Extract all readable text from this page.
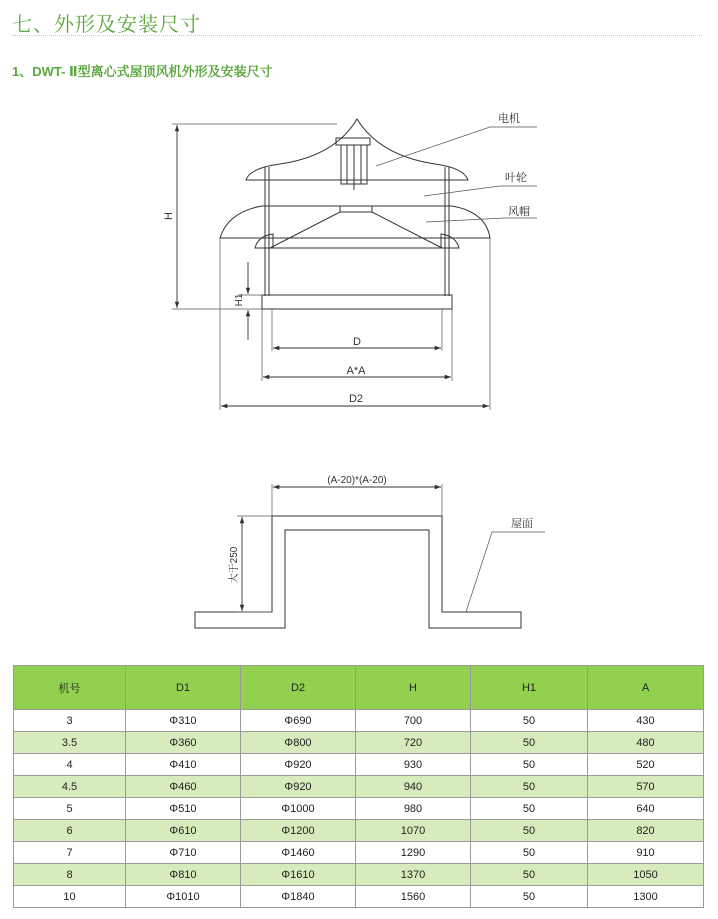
七、外形及安装尺寸
1、DWT- Ⅱ型离心式屋顶风机外形及安装尺寸
电机
叶轮
风帽
H
H1
D
A*A
D2
(A-20)*(A-20)
屋面
大于250
机号	D1	D2	H	H1	A
3	Φ310	Φ690	700	50	430
3.5	Φ360	Φ800	720	50	480
4	Φ410	Φ920	930	50	520
4.5	Φ460	Φ920	940	50	570
5	Φ510	Φ1000	980	50	640
6	Φ610	Φ1200	1070	50	820
7	Φ710	Φ1460	1290	50	910
8	Φ810	Φ1610	1370	50	1050
10	Φ1010	Φ1840	1560	50	1300
